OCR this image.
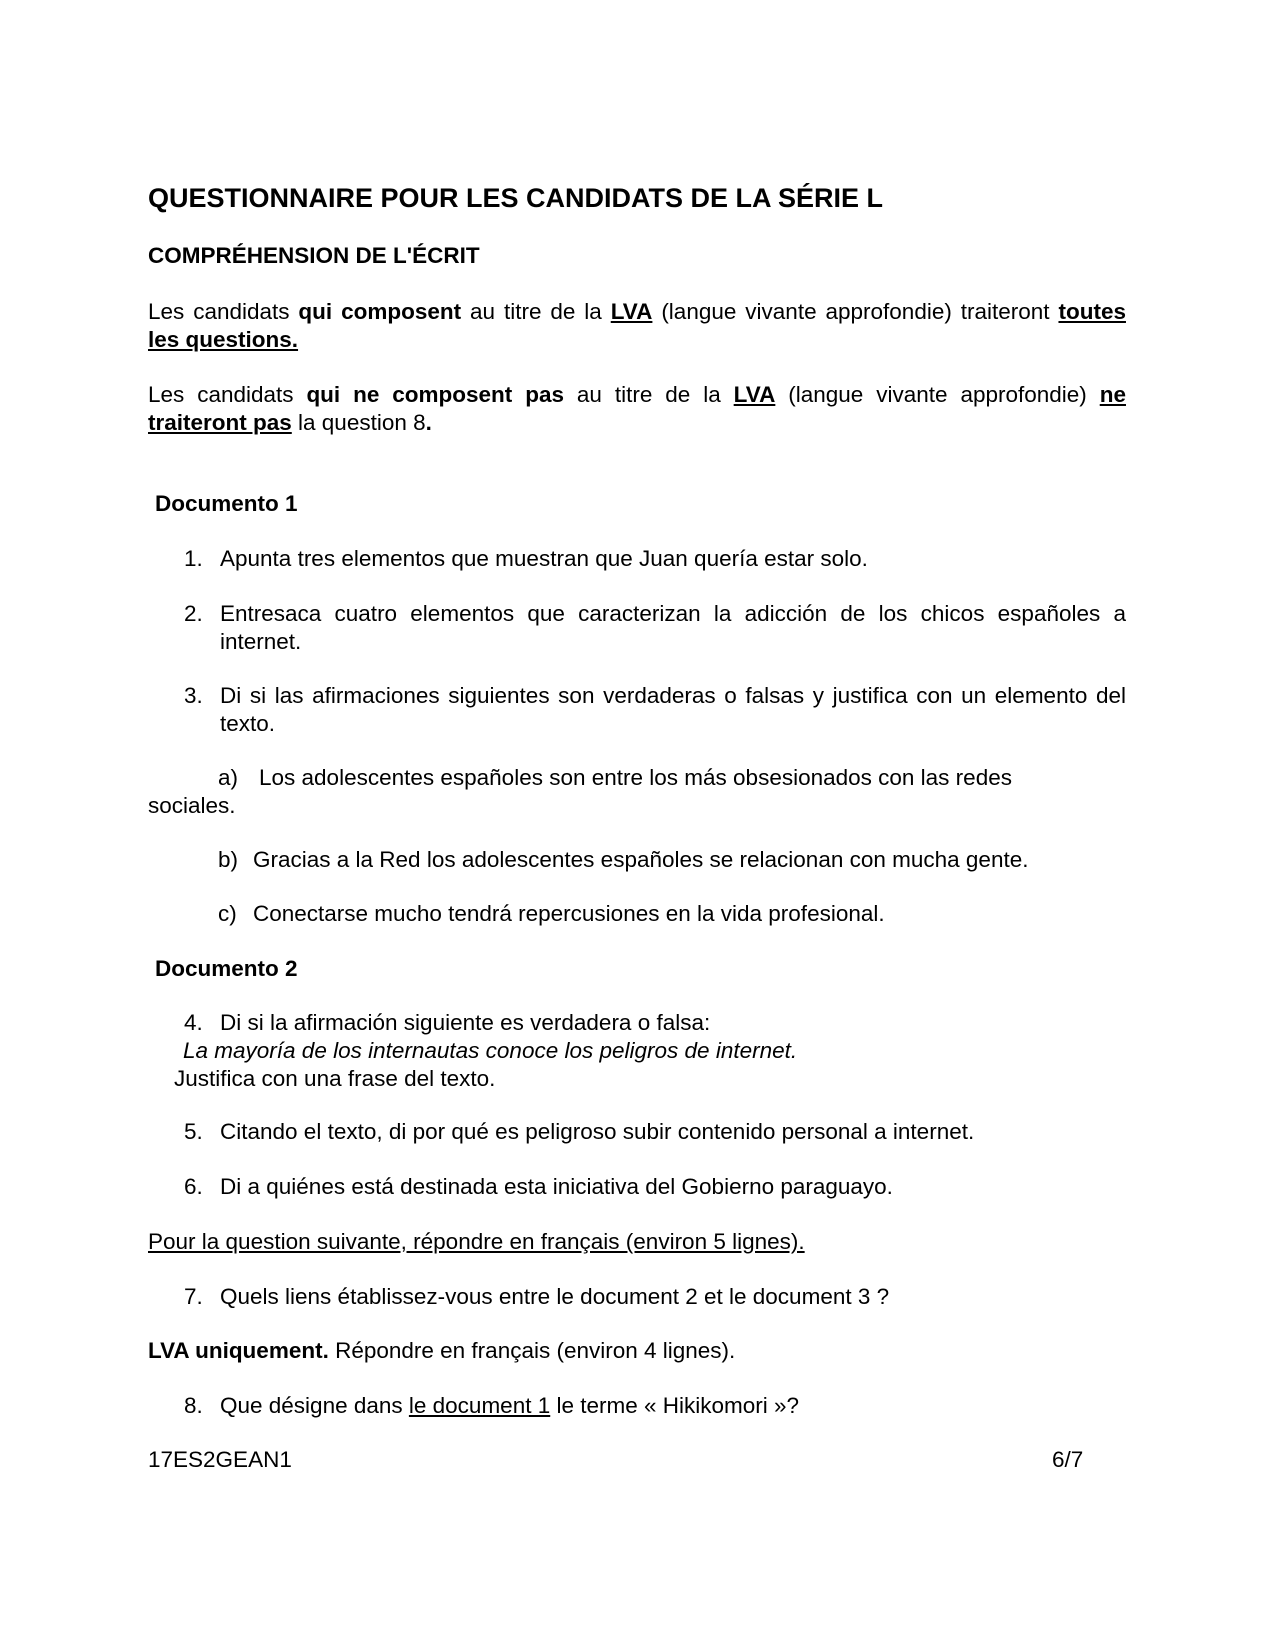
QUESTIONNAIRE POUR LES CANDIDATS DE LA SÉRIE L
COMPRÉHENSION DE L'ÉCRIT
Les candidats qui composent au titre de la LVA (langue vivante approfondie) traiteront toutes les questions.
Les candidats qui ne composent pas au titre de la LVA (langue vivante approfondie) ne traiteront pas la question 8.
Documento 1
1. Apunta tres elementos que muestran que Juan quería estar solo.
2. Entresaca cuatro elementos que caracterizan la adicción de los chicos españoles a internet.
3. Di si las afirmaciones siguientes son verdaderas o falsas y justifica con un elemento del texto.
a) Los adolescentes españoles son entre los más obsesionados con las redes
sociales.
b) Gracias a la Red los adolescentes españoles se relacionan con mucha gente.
c) Conectarse mucho tendrá repercusiones en la vida profesional.
Documento 2
4. Di si la afirmación siguiente es verdadera o falsa:
La mayoría de los internautas conoce los peligros de internet.
Justifica con una frase del texto.
5. Citando el texto, di por qué es peligroso subir contenido personal a internet.
6. Di a quiénes está destinada esta iniciativa del Gobierno paraguayo.
Pour la question suivante, répondre en français (environ 5 lignes).
7. Quels liens établissez-vous entre le document 2 et le document 3 ?
LVA uniquement. Répondre en français (environ 4 lignes).
8. Que désigne dans le document 1 le terme « Hikikomori »?
17ES2GEAN1	6/7
